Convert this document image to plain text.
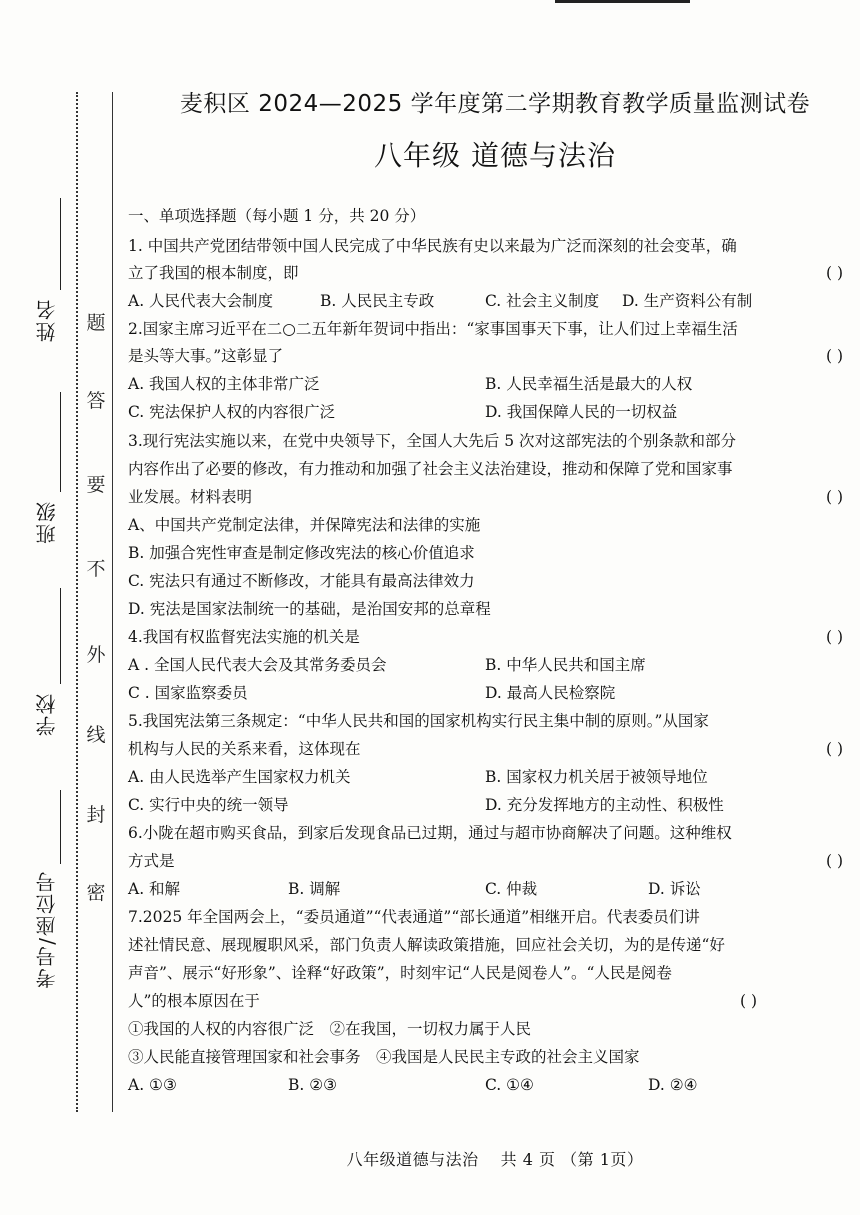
姓名
班级
学校
考号/座位号
题
答
要
不
外
线
封
密
麦积区 2024—2025 学年度第二学期教育教学质量监测试卷
八年级 道德与法治
一、单项选择题（每小题 1 分，共 20 分）
1. 中国共产党团结带领中国人民完成了中华民族有史以来最为广泛而深刻的社会变革，确
立了我国的根本制度，即	( )
A. 人民代表大会制度	B. 人民民主专政	C. 社会主义制度 D. 生产资料公有制
2.国家主席习近平在二○二五年新年贺词中指出：“家事国事天下事，让人们过上幸福生活
是头等大事。”这彰显了	( )
A. 我国人权的主体非常广泛	B. 人民幸福生活是最大的人权
C. 宪法保护人权的内容很广泛	D. 我国保障人民的一切权益
3.现行宪法实施以来，在党中央领导下，全国人大先后 5 次对这部宪法的个别条款和部分
内容作出了必要的修改，有力推动和加强了社会主义法治建设，推动和保障了党和国家事
业发展。材料表明	( )
A、中国共产党制定法律，并保障宪法和法律的实施
B. 加强合宪性审查是制定修改宪法的核心价值追求
C. 宪法只有通过不断修改，才能具有最高法律效力
D. 宪法是国家法制统一的基础，是治国安邦的总章程
4.我国有权监督宪法实施的机关是	( )
A . 全国人民代表大会及其常务委员会	B. 中华人民共和国主席
C . 国家监察委员	D. 最高人民检察院
5.我国宪法第三条规定：“中华人民共和国的国家机构实行民主集中制的原则。”从国家
机构与人民的关系来看，这体现在	( )
A. 由人民选举产生国家权力机关	B. 国家权力机关居于被领导地位
C. 实行中央的统一领导	D. 充分发挥地方的主动性、积极性
6.小陇在超市购买食品，到家后发现食品已过期，通过与超市协商解决了问题。这种维权
方式是	( )
A. 和解	B. 调解	C. 仲裁	D. 诉讼
7.2025 年全国两会上，“委员通道”“代表通道”“部长通道”相继开启。代表委员们讲
述社情民意、展现履职风采，部门负责人解读政策措施，回应社会关切，为的是传递“好
声音”、展示“好形象”、诠释“好政策”，时刻牢记“人民是阅卷人”。“人民是阅卷
人”的根本原因在于	( )
①我国的人权的内容很广泛　②在我国，一切权力属于人民
③人民能直接管理国家和社会事务　④我国是人民民主专政的社会主义国家
A. ①③	B. ②③	C. ①④	D. ②④
八年级道德与法治　 共 4 页 （第 1页）
